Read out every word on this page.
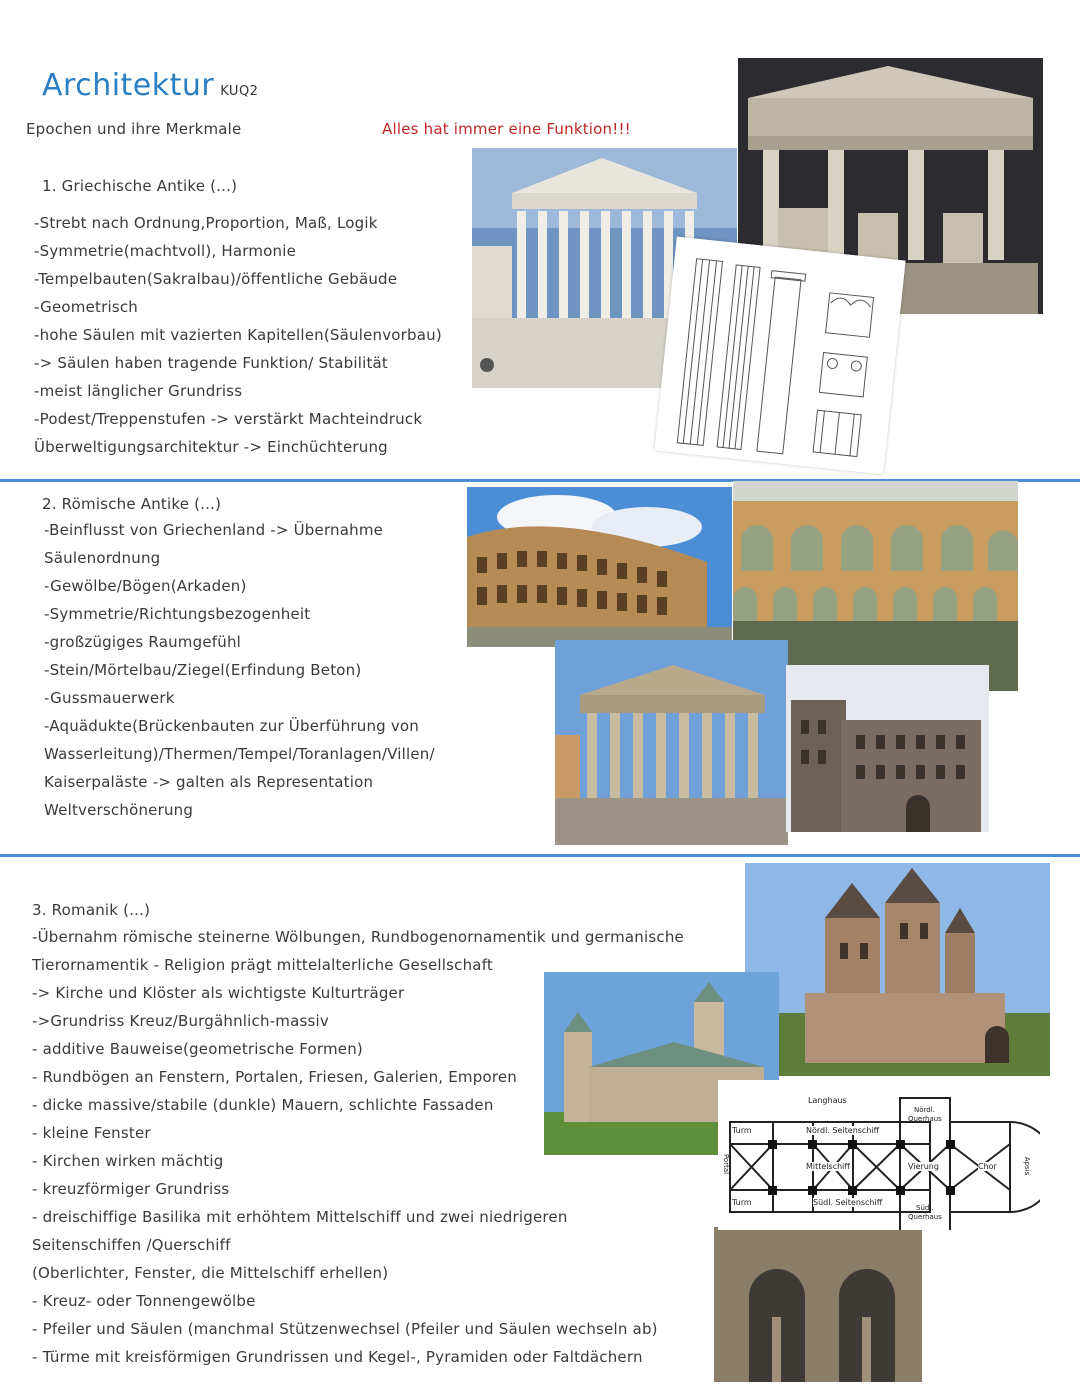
Architektur KUQ2
Epochen und ihre Merkmale	Alles hat immer eine Funktion!!!
1. Griechische Antike (...)
-Strebt nach Ordnung,Proportion, Maß, Logik
-Symmetrie(machtvoll), Harmonie
-Tempelbauten(Sakralbau)/öffentliche Gebäude
-Geometrisch
-hohe Säulen mit vazierten Kapitellen(Säulenvorbau)
-> Säulen haben tragende Funktion/ Stabilität
-meist länglicher Grundriss
-Podest/Treppenstufen -> verstärkt Machteindruck
Überweltigungsarchitektur -> Einchüchterung
2. Römische Antike (...)
-Beinflusst von Griechenland -> Übernahme
Säulenordnung
-Gewölbe/Bögen(Arkaden)
-Symmetrie/Richtungsbezogenheit
-großzügiges Raumgefühl
-Stein/Mörtelbau/Ziegel(Erfindung Beton)
-Gussmauerwerk
-Aquädukte(Brückenbauten zur Überführung von
Wasserleitung)/Thermen/Tempel/Toranlagen/Villen/
Kaiserpaläste -> galten als Representation
Weltverschönerung
3. Romanik (...)
-Übernahm römische steinerne Wölbungen, Rundbogenornamentik und germanische
Tierornamentik - Religion prägt mittelalterliche Gesellschaft
-> Kirche und Klöster als wichtigste Kulturträger
->Grundriss Kreuz/Burgähnlich-massiv
- additive Bauweise(geometrische Formen)
- Rundbögen an Fenstern, Portalen, Friesen, Galerien, Emporen
- dicke massive/stabile (dunkle) Mauern, schlichte Fassaden
- kleine Fenster
- Kirchen wirken mächtig
- kreuzförmiger Grundriss
- dreischiffige Basilika mit erhöhtem Mittelschiff und zwei niedrigeren
Seitenschiffen /Querschiff
(Oberlichter, Fenster, die Mittelschiff erhellen)
- Kreuz- oder Tonnengewölbe
- Pfeiler und Säulen (manchmal Stützenwechsel (Pfeiler und Säulen wechseln ab)
- Türme mit kreisförmigen Grundrissen und Kegel-, Pyramiden oder Faltdächern
Langhaus
Turm
Turm
Portal
Nördl. Seitenschiff
Mittelschiff
Südl. Seitenschiff
Nördl.
Querhaus
Südl.
Querhaus
Vierung	Chor	Apsis
